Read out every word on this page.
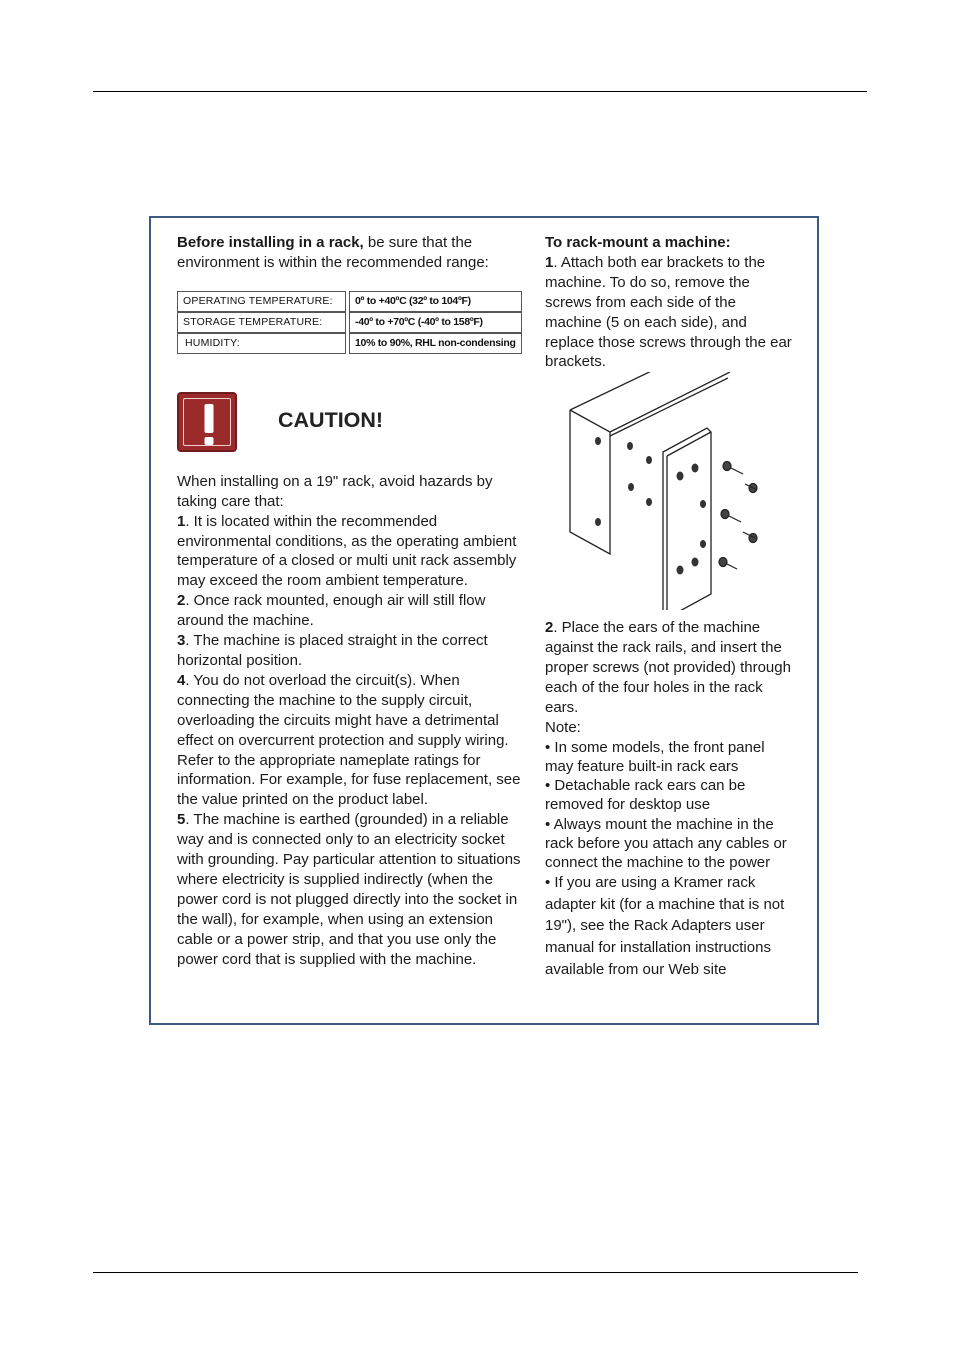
Before installing in a rack, be sure that the environment is within the recommended range:

OPERATING TEMPERATURE:	0º to +40ºC (32º to 104ºF)
STORAGE TEMPERATURE:	-40º to +70ºC (-40º to 158ºF)
HUMIDITY:	10% to 90%, RHL non-condensing
CAUTION!

When installing on a 19" rack, avoid hazards by taking care that:

1. It is located within the recommended environmental conditions, as the operating ambient temperature of a closed or multi unit rack assembly may exceed the room ambient temperature.

2. Once rack mounted, enough air will still flow around the machine.

3. The machine is placed straight in the correct horizontal position.

4. You do not overload the circuit(s). When connecting the machine to the supply circuit, overloading the circuits might have a detrimental effect on overcurrent protection and supply wiring. Refer to the appropriate nameplate ratings for information. For example, for fuse replacement, see the value printed on the product label.

5. The machine is earthed (grounded) in a reliable way and is connected only to an electricity socket with grounding. Pay particular attention to situations where electricity is supplied indirectly (when the power cord is not plugged directly into the socket in the wall), for example, when using an extension cable or a power strip, and that you use only the power cord that is supplied with the machine.

To rack-mount a machine:

1. Attach both ear brackets to the machine. To do so, remove the screws from each side of the machine (5 on each side), and replace those screws through the ear brackets.

2. Place the ears of the machine against the rack rails, and insert the proper screws (not provided) through each of the four holes in the rack ears.

Note:

• In some models, the front panel may feature built-in rack ears

• Detachable rack ears can be removed for desktop use

• Always mount the machine in the rack before you attach any cables or connect the machine to the power

• If you are using a Kramer rack adapter kit (for a machine that is not 19"), see the Rack Adapters user manual for installation instructions available from our Web site
